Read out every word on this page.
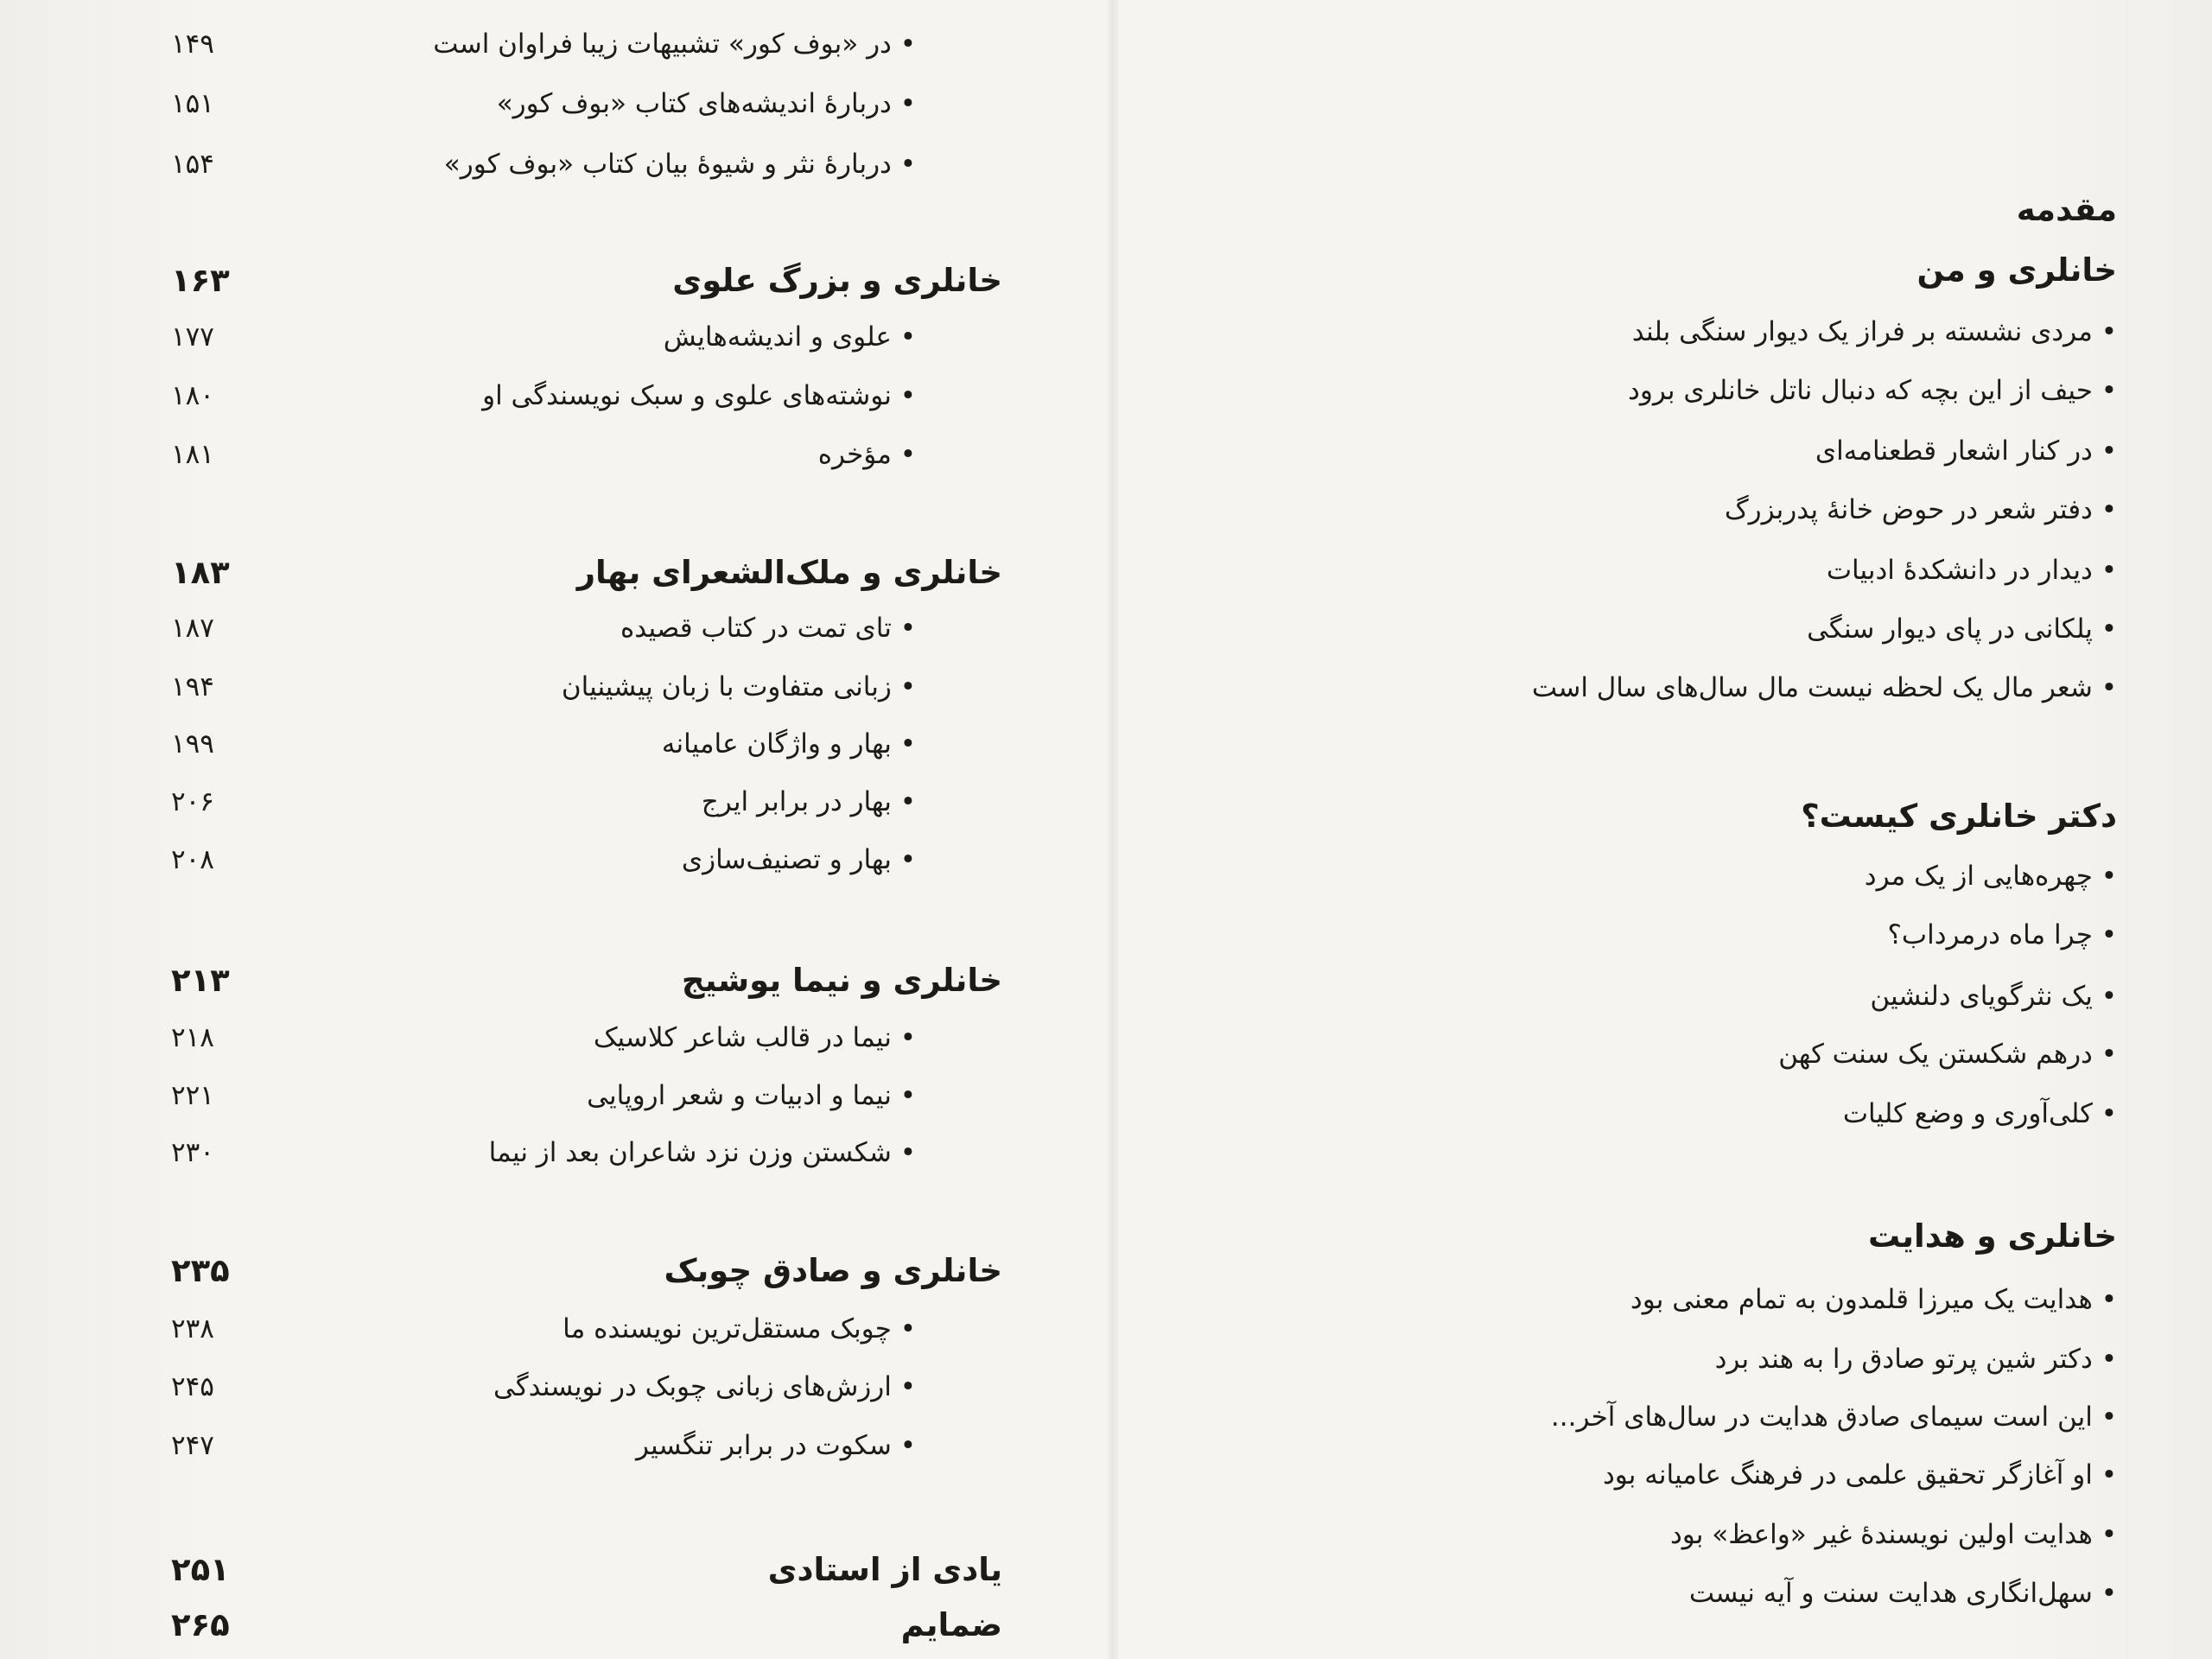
• در «بوف کور» تشبیهات زیبا فراوان است
۱۴۹
• دربارهٔ اندیشه‌های کتاب «بوف کور»
۱۵۱
• دربارهٔ نثر و شیوهٔ بیان کتاب «بوف کور»
۱۵۴
خانلری و بزرگ علوی
۱۶۳
• علوی و اندیشه‌هایش
۱۷۷
• نوشته‌های علوی و سبک نویسندگی او
۱۸۰
• مؤخره
۱۸۱
خانلری و ملک‌الشعرای بهار
۱۸۳
• تای تمت در کتاب قصیده
۱۸۷
• زبانی متفاوت با زبان پیشینیان
۱۹۴
• بهار و واژگان عامیانه
۱۹۹
• بهار در برابر ایرج
۲۰۶
• بهار و تصنیف‌سازی
۲۰۸
خانلری و نیما یوشیج
۲۱۳
• نیما در قالب شاعر کلاسیک
۲۱۸
• نیما و ادبیات و شعر اروپایی
۲۲۱
• شکستن وزن نزد شاعران بعد از نیما
۲۳۰
خانلری و صادق چوبک
۲۳۵
• چوبک مستقل‌ترین نویسنده ما
۲۳۸
• ارزش‌های زبانی چوبک در نویسندگی
۲۴۵
• سکوت در برابر تنگسیر
۲۴۷
یادی از استادی
۲۵۱
ضمایم
۲۶۵
مقدمه
خانلری و من
• مردی نشسته بر فراز یک دیوار سنگی بلند
• حیف از این بچه که دنبال ناتل خانلری برود
• در کنار اشعار قطعنامه‌ای
• دفتر شعر در حوض خانهٔ پدربزرگ
• دیدار در دانشکدهٔ ادبیات
• پلکانی در پای دیوار سنگی
• شعر مال یک لحظه نیست مال سال‌های سال است
دکتر خانلری کیست؟
• چهره‌هایی از یک مرد
• چرا ماه درمرداب؟
• یک نثرگویای دلنشین
• درهم شکستن یک سنت کهن
• کلی‌آوری و وضع کلیات
خانلری و هدایت
• هدایت یک میرزا قلمدون به تمام معنی بود
• دکتر شین پرتو صادق را به هند برد
• این است سیمای صادق هدایت در سال‌های آخر...
• او آغازگر تحقیق علمی در فرهنگ عامیانه بود
• هدایت اولین نویسندهٔ غیر «واعظ» بود
• سهل‌انگاری هدایت سنت و آیه نیست
